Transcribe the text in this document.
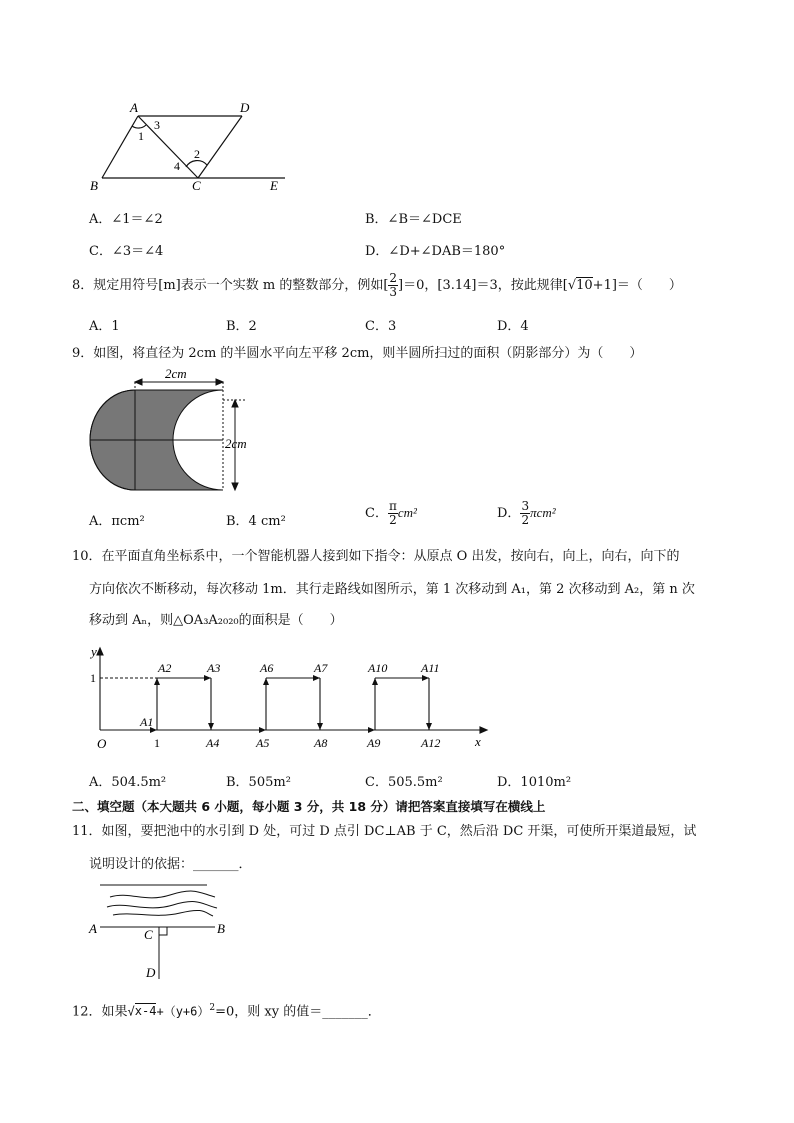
A	D
B	C	E
1
3
2
4
A．∠1＝∠2	B．∠B＝∠DCE
C．∠3＝∠4	D．∠D+∠DAB＝180°
8．规定用符号[m]表示一个实数 m 的整数部分，例如[ $\frac{2}{3} ]=0$，[3.14]＝3，按此规律[√10+1]＝（　　）
A．1	B．2	C．3	D．4
9．如图，将直径为 2cm 的半圆水平向左平移 2cm，则半圆所扫过的面积（阴影部分）为（　　）
2cm
2cm
A．πcm²	B．4 cm²
C． $\frac{\pi}{2} cm^2$	D． $\frac{3}{2} \pi cm^2$
10．在平面直角坐标系中，一个智能机器人接到如下指令：从原点 O 出发，按向右，向上，向右，向下的
方向依次不断移动，每次移动 1m．其行走路线如图所示，第 1 次移动到 A₁，第 2 次移动到 A₂，第 n 次
移动到 Aₙ，则△OA₃A₂₀₂₀的面积是（　　）
y
x
O
1
1
A2	A3	A6	A7	A10	A11
A1
A4	A5	A8	A9	A12
A．504.5m²	B．505m²	C．505.5m²	D．1010m²
二、填空题（本大题共 6 小题，每小题 3 分，共 18 分）请把答案直接填写在横线上
11．如图，要把池中的水引到 D 处，可过 D 点引 DC⊥AB 于 C，然后沿 DC 开渠，可使所开渠道最短，试
说明设计的依据：_______．
A	B
C
D
12．如果$√x-4+(y+6)^2=0$，则 xy 的值＝_______．
